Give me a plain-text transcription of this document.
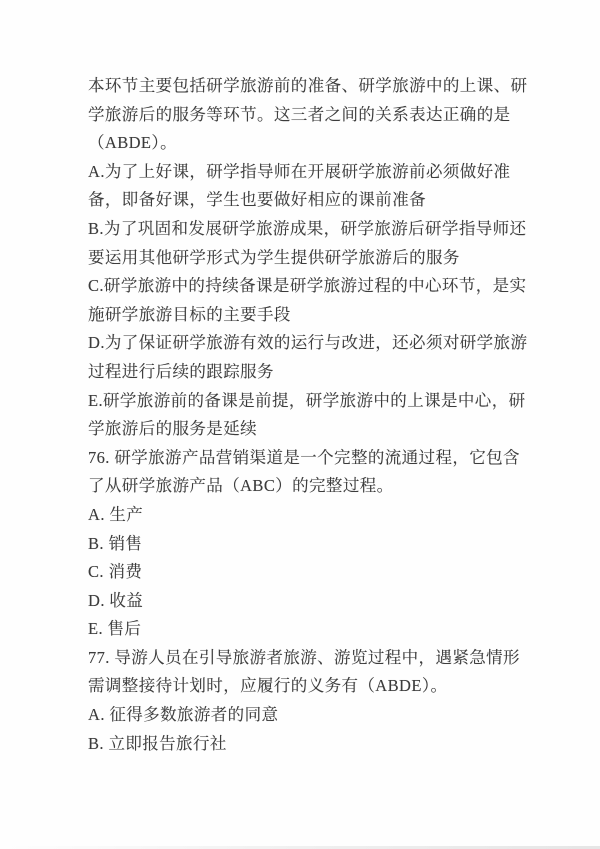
本环节主要包括研学旅游前的准备、研学旅游中的上课、研
学旅游后的服务等环节。这三者之间的关系表达正确的是
（ABDE）。
A.为了上好课，研学指导师在开展研学旅游前必须做好准
备，即备好课，学生也要做好相应的课前准备
B.为了巩固和发展研学旅游成果，研学旅游后研学指导师还
要运用其他研学形式为学生提供研学旅游后的服务
C.研学旅游中的持续备课是研学旅游过程的中心环节，是实
施研学旅游目标的主要手段
D.为了保证研学旅游有效的运行与改进，还必须对研学旅游
过程进行后续的跟踪服务
E.研学旅游前的备课是前提，研学旅游中的上课是中心，研
学旅游后的服务是延续
76. 研学旅游产品营销渠道是一个完整的流通过程，它包含
了从研学旅游产品（ABC）的完整过程。
A. 生产
B. 销售
C. 消费
D. 收益
E. 售后
77. 导游人员在引导旅游者旅游、游览过程中，遇紧急情形
需调整接待计划时，应履行的义务有（ABDE）。
A. 征得多数旅游者的同意
B. 立即报告旅行社
